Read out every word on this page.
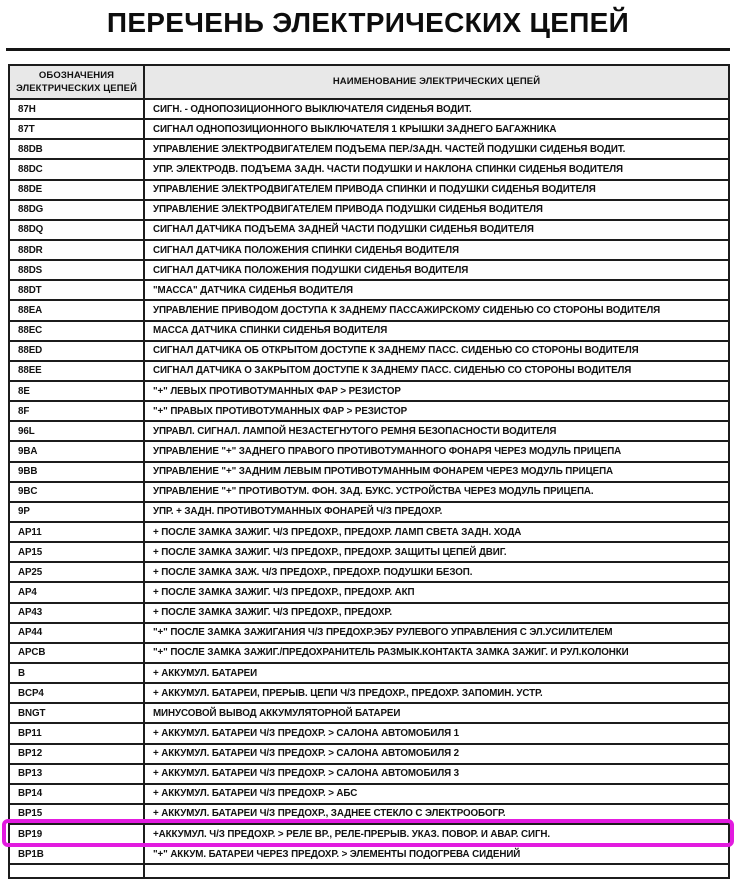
ПЕРЕЧЕНЬ ЭЛЕКТРИЧЕСКИХ ЦЕПЕЙ
ОБОЗНАЧЕНИЯ
ЭЛЕКТРИЧЕСКИХ ЦЕПЕЙ	НАИМЕНОВАНИЕ ЭЛЕКТРИЧЕСКИХ ЦЕПЕЙ
87H	СИГН. - ОДНОПОЗИЦИОННОГО ВЫКЛЮЧАТЕЛЯ СИДЕНЬЯ ВОДИТ.
87T	СИГНАЛ ОДНОПОЗИЦИОННОГО ВЫКЛЮЧАТЕЛЯ 1 КРЫШКИ ЗАДНЕГО БАГАЖНИКА
88DB	УПРАВЛЕНИЕ ЭЛЕКТРОДВИГАТЕЛЕМ ПОДЪЕМА ПЕР./ЗАДН. ЧАСТЕЙ ПОДУШКИ СИДЕНЬЯ ВОДИТ.
88DC	УПР. ЭЛЕКТРОДВ. ПОДЪЕМА ЗАДН. ЧАСТИ ПОДУШКИ И НАКЛОНА СПИНКИ СИДЕНЬЯ ВОДИТЕЛЯ
88DE	УПРАВЛЕНИЕ ЭЛЕКТРОДВИГАТЕЛЕМ ПРИВОДА СПИНКИ И ПОДУШКИ СИДЕНЬЯ ВОДИТЕЛЯ
88DG	УПРАВЛЕНИЕ ЭЛЕКТРОДВИГАТЕЛЕМ ПРИВОДА ПОДУШКИ СИДЕНЬЯ ВОДИТЕЛЯ
88DQ	СИГНАЛ ДАТЧИКА ПОДЪЕМА ЗАДНЕЙ ЧАСТИ ПОДУШКИ СИДЕНЬЯ ВОДИТЕЛЯ
88DR	СИГНАЛ ДАТЧИКА ПОЛОЖЕНИЯ СПИНКИ СИДЕНЬЯ ВОДИТЕЛЯ
88DS	СИГНАЛ ДАТЧИКА ПОЛОЖЕНИЯ ПОДУШКИ СИДЕНЬЯ ВОДИТЕЛЯ
88DT	"МАССА" ДАТЧИКА СИДЕНЬЯ ВОДИТЕЛЯ
88EA	УПРАВЛЕНИЕ ПРИВОДОМ ДОСТУПА К ЗАДНЕМУ ПАССАЖИРСКОМУ СИДЕНЬЮ СО СТОРОНЫ ВОДИТЕЛЯ
88EC	МАССА ДАТЧИКА СПИНКИ СИДЕНЬЯ ВОДИТЕЛЯ
88ED	СИГНАЛ ДАТЧИКА ОБ ОТКРЫТОМ ДОСТУПЕ К ЗАДНЕМУ ПАСС. СИДЕНЬЮ СО СТОРОНЫ ВОДИТЕЛЯ
88EE	СИГНАЛ ДАТЧИКА О ЗАКРЫТОМ ДОСТУПЕ К ЗАДНЕМУ ПАСС. СИДЕНЬЮ СО СТОРОНЫ ВОДИТЕЛЯ
8E	"+" ЛЕВЫХ ПРОТИВОТУМАННЫХ ФАР > РЕЗИСТОР
8F	"+" ПРАВЫХ ПРОТИВОТУМАННЫХ ФАР > РЕЗИСТОР
96L	УПРАВЛ. СИГНАЛ. ЛАМПОЙ НЕЗАСТЕГНУТОГО РЕМНЯ БЕЗОПАСНОСТИ ВОДИТЕЛЯ
9BA	УПРАВЛЕНИЕ "+" ЗАДНЕГО ПРАВОГО ПРОТИВОТУМАННОГО ФОНАРЯ ЧЕРЕЗ МОДУЛЬ ПРИЦЕПА
9BB	УПРАВЛЕНИЕ "+" ЗАДНИМ ЛЕВЫМ ПРОТИВОТУМАННЫМ ФОНАРЕМ ЧЕРЕЗ МОДУЛЬ ПРИЦЕПА
9BC	УПРАВЛЕНИЕ "+" ПРОТИВОТУМ. ФОН. ЗАД. БУКС. УСТРОЙСТВА ЧЕРЕЗ МОДУЛЬ ПРИЦЕПА.
9P	УПР. + ЗАДН. ПРОТИВОТУМАННЫХ ФОНАРЕЙ Ч/З ПРЕДОХР.
AP11	+ ПОСЛЕ ЗАМКА ЗАЖИГ. Ч/З ПРЕДОХР., ПРЕДОХР. ЛАМП СВЕТА ЗАДН. ХОДА
AP15	+ ПОСЛЕ ЗАМКА ЗАЖИГ. Ч/З ПРЕДОХР., ПРЕДОХР. ЗАЩИТЫ ЦЕПЕЙ ДВИГ.
AP25	+ ПОСЛЕ ЗАМКА ЗАЖ. Ч/З ПРЕДОХР., ПРЕДОХР. ПОДУШКИ БЕЗОП.
AP4	+ ПОСЛЕ ЗАМКА ЗАЖИГ. Ч/З ПРЕДОХР., ПРЕДОХР. АКП
AP43	+ ПОСЛЕ ЗАМКА ЗАЖИГ. Ч/З ПРЕДОХР., ПРЕДОХР.
AP44	"+" ПОСЛЕ ЗАМКА ЗАЖИГАНИЯ Ч/З ПРЕДОХР.ЭБУ РУЛЕВОГО УПРАВЛЕНИЯ С ЭЛ.УСИЛИТЕЛЕМ
APCB	"+" ПОСЛЕ ЗАМКА ЗАЖИГ./ПРЕДОХРАНИТЕЛЬ РАЗМЫК.КОНТАКТА ЗАМКА ЗАЖИГ. И РУЛ.КОЛОНКИ
B	+ АККУМУЛ. БАТАРЕИ
BCP4	+ АККУМУЛ. БАТАРЕИ, ПРЕРЫВ. ЦЕПИ Ч/З ПРЕДОХР., ПРЕДОХР. ЗАПОМИН. УСТР.
BNGT	МИНУСОВОЙ ВЫВОД АККУМУЛЯТОРНОЙ БАТАРЕИ
BP11	+ АККУМУЛ. БАТАРЕИ Ч/З ПРЕДОХР. > САЛОНА АВТОМОБИЛЯ 1
BP12	+ АККУМУЛ. БАТАРЕИ Ч/З ПРЕДОХР. > САЛОНА АВТОМОБИЛЯ 2
BP13	+ АККУМУЛ. БАТАРЕИ Ч/З ПРЕДОХР. > САЛОНА АВТОМОБИЛЯ 3
BP14	+ АККУМУЛ. БАТАРЕИ Ч/З ПРЕДОХР. > АБС
BP15	+ АККУМУЛ. БАТАРЕИ Ч/З ПРЕДОХР., ЗАДНЕЕ СТЕКЛО С ЭЛЕКТРООБОГР.
BP19	+АККУМУЛ. Ч/З ПРЕДОХР. > РЕЛЕ ВР., РЕЛЕ-ПРЕРЫВ. УКАЗ. ПОВОР. И АВАР. СИГН.
BP1B	"+" АККУМ. БАТАРЕИ ЧЕРЕЗ ПРЕДОХР. > ЭЛЕМЕНТЫ ПОДОГРЕВА СИДЕНИЙ
